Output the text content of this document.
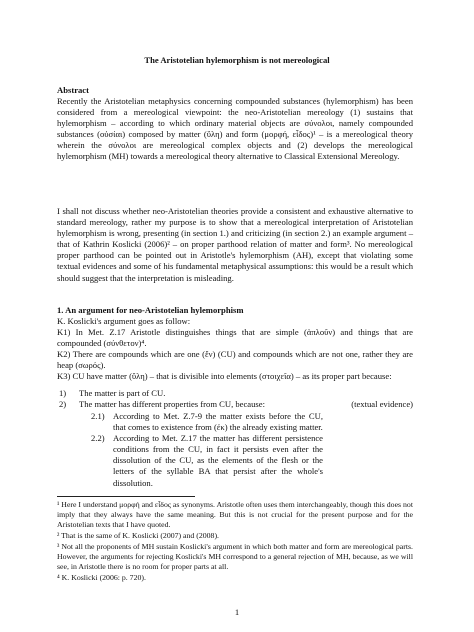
The Aristotelian hylemorphism is not mereological
Abstract
Recently the Aristotelian metaphysics concerning compounded substances (hylemorphism) has been considered from a mereological viewpoint: the neo-Aristotelian mereology (1) sustains that hylemorphism – according to which ordinary material objects are σύνολοι, namely compounded substances (οὐσίαι) composed by matter (ὕλη) and form (μορφή, εἶδος)¹ – is a mereological theory wherein the σύνολοι are mereological complex objects and (2) develops the mereological hylemorphism (MH) towards a mereological theory alternative to Classical Extensional Mereology.
I shall not discuss whether neo-Aristotelian theories provide a consistent and exhaustive alternative to standard mereology, rather my purpose is to show that a mereological interpretation of Aristotelian hylemorphism is wrong, presenting (in section 1.) and criticizing (in section 2.) an example argument – that of Kathrin Koslicki (2006)² – on proper parthood relation of matter and form³. No mereological proper parthood can be pointed out in Aristotle's hylemorphism (AH), except that violating some textual evidences and some of his fundamental metaphysical assumptions: this would be a result which should suggest that the interpretation is misleading.
1. An argument for neo-Aristotelian hylemorphism
K. Koslicki's argument goes as follow:
K1) In Met. Z.17 Aristotle distinguishes things that are simple (ἁπλοῦν) and things that are compounded (σύνθετον)⁴.
K2) There are compounds which are one (ἕν) (CU) and compounds which are not one, rather they are heap (σωρός).
K3) CU have matter (ὕλη) – that is divisible into elements (στοιχεῖα) – as its proper part because:
1)	The matter is part of CU.
2)	The matter has different properties from CU, because:	(textual evidence)
2.1) According to Met. Z.7-9 the matter exists before the CU, that comes to existence from (ἐκ) the already existing matter.
2.2) According to Met. Z.17 the matter has different persistence conditions from the CU, in fact it persists even after the dissolution of the CU, as the elements of the flesh or the letters of the syllable BA that persist after the whole's dissolution.
¹ Here I understand μορφή and εἶδος as synonyms. Aristotle often uses them interchangeably, though this does not imply that they always have the same meaning. But this is not crucial for the present purpose and for the Aristotelian texts that I have quoted.
² That is the same of K. Koslicki (2007) and (2008).
³ Not all the proponents of MH sustain Koslicki's argument in which both matter and form are mereological parts. However, the arguments for rejecting Koslicki's MH correspond to a general rejection of MH, because, as we will see, in Aristotle there is no room for proper parts at all.
⁴ K. Koslicki (2006: p. 720).
1
